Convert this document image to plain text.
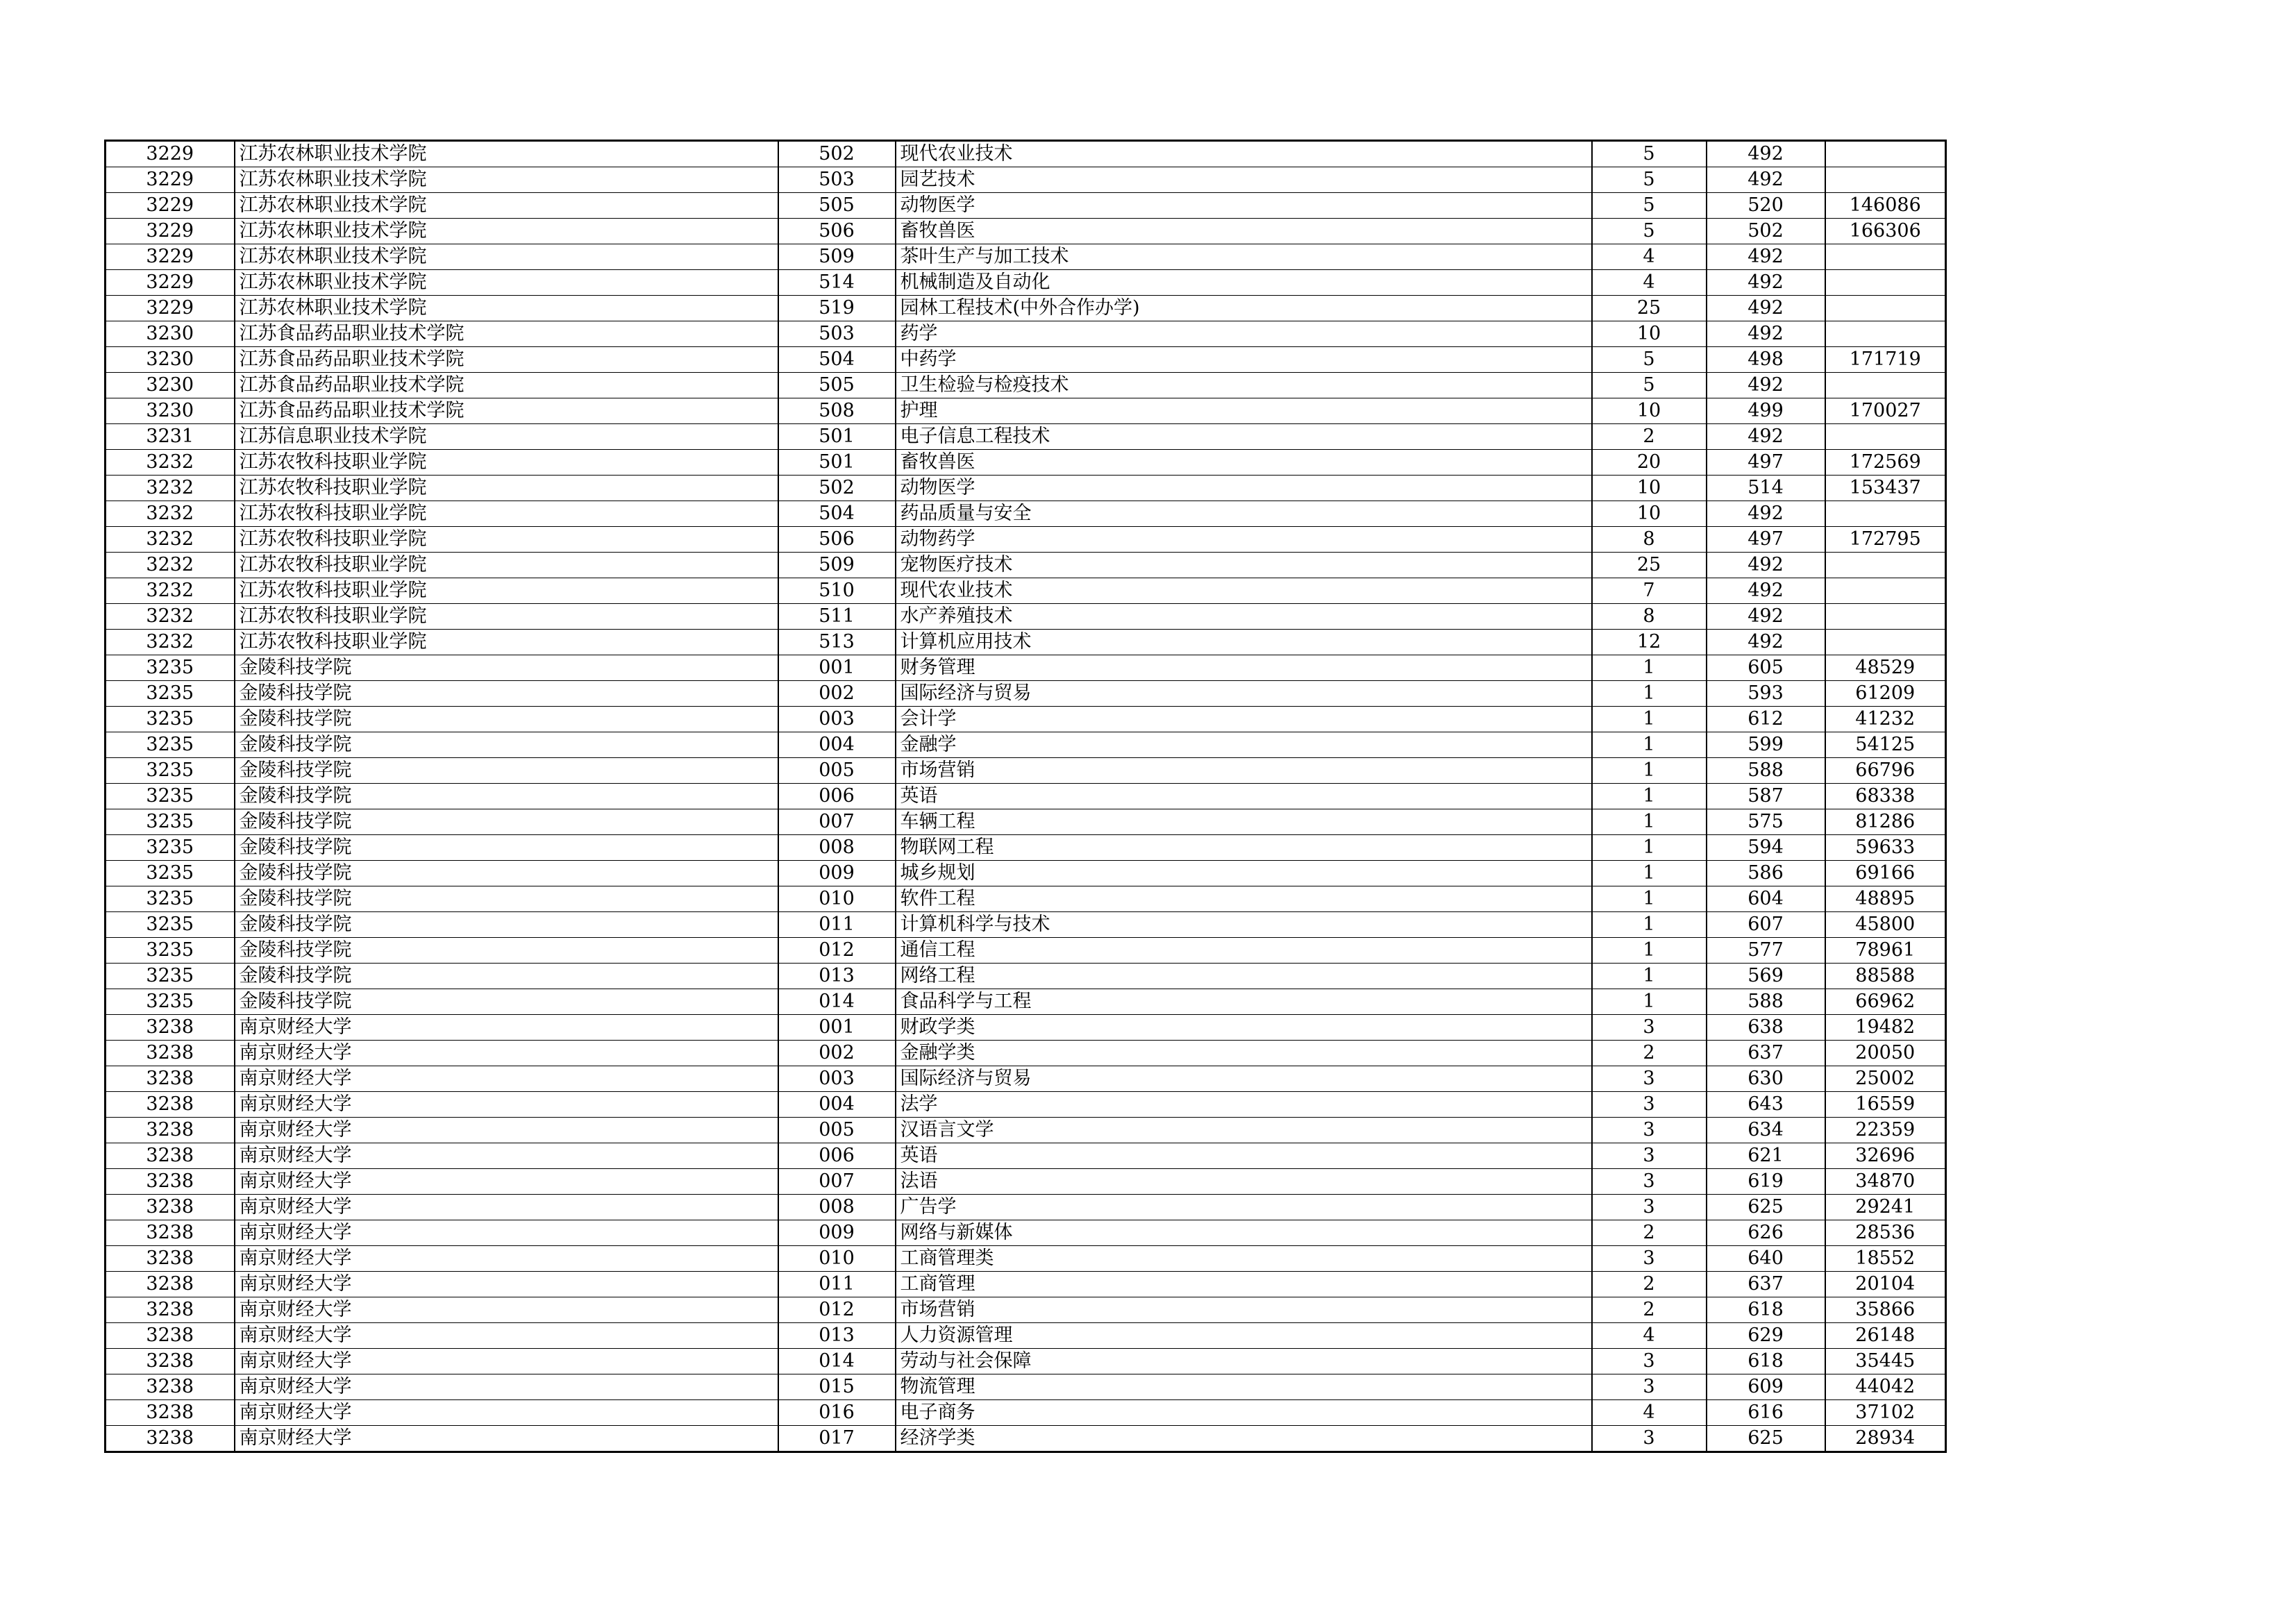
3229	江苏农林职业技术学院	502	现代农业技术	5	492	
3229	江苏农林职业技术学院	503	园艺技术	5	492	
3229	江苏农林职业技术学院	505	动物医学	5	520	146086
3229	江苏农林职业技术学院	506	畜牧兽医	5	502	166306
3229	江苏农林职业技术学院	509	茶叶生产与加工技术	4	492	
3229	江苏农林职业技术学院	514	机械制造及自动化	4	492	
3229	江苏农林职业技术学院	519	园林工程技术(中外合作办学)	25	492	
3230	江苏食品药品职业技术学院	503	药学	10	492	
3230	江苏食品药品职业技术学院	504	中药学	5	498	171719
3230	江苏食品药品职业技术学院	505	卫生检验与检疫技术	5	492	
3230	江苏食品药品职业技术学院	508	护理	10	499	170027
3231	江苏信息职业技术学院	501	电子信息工程技术	2	492	
3232	江苏农牧科技职业学院	501	畜牧兽医	20	497	172569
3232	江苏农牧科技职业学院	502	动物医学	10	514	153437
3232	江苏农牧科技职业学院	504	药品质量与安全	10	492	
3232	江苏农牧科技职业学院	506	动物药学	8	497	172795
3232	江苏农牧科技职业学院	509	宠物医疗技术	25	492	
3232	江苏农牧科技职业学院	510	现代农业技术	7	492	
3232	江苏农牧科技职业学院	511	水产养殖技术	8	492	
3232	江苏农牧科技职业学院	513	计算机应用技术	12	492	
3235	金陵科技学院	001	财务管理	1	605	48529
3235	金陵科技学院	002	国际经济与贸易	1	593	61209
3235	金陵科技学院	003	会计学	1	612	41232
3235	金陵科技学院	004	金融学	1	599	54125
3235	金陵科技学院	005	市场营销	1	588	66796
3235	金陵科技学院	006	英语	1	587	68338
3235	金陵科技学院	007	车辆工程	1	575	81286
3235	金陵科技学院	008	物联网工程	1	594	59633
3235	金陵科技学院	009	城乡规划	1	586	69166
3235	金陵科技学院	010	软件工程	1	604	48895
3235	金陵科技学院	011	计算机科学与技术	1	607	45800
3235	金陵科技学院	012	通信工程	1	577	78961
3235	金陵科技学院	013	网络工程	1	569	88588
3235	金陵科技学院	014	食品科学与工程	1	588	66962
3238	南京财经大学	001	财政学类	3	638	19482
3238	南京财经大学	002	金融学类	2	637	20050
3238	南京财经大学	003	国际经济与贸易	3	630	25002
3238	南京财经大学	004	法学	3	643	16559
3238	南京财经大学	005	汉语言文学	3	634	22359
3238	南京财经大学	006	英语	3	621	32696
3238	南京财经大学	007	法语	3	619	34870
3238	南京财经大学	008	广告学	3	625	29241
3238	南京财经大学	009	网络与新媒体	2	626	28536
3238	南京财经大学	010	工商管理类	3	640	18552
3238	南京财经大学	011	工商管理	2	637	20104
3238	南京财经大学	012	市场营销	2	618	35866
3238	南京财经大学	013	人力资源管理	4	629	26148
3238	南京财经大学	014	劳动与社会保障	3	618	35445
3238	南京财经大学	015	物流管理	3	609	44042
3238	南京财经大学	016	电子商务	4	616	37102
3238	南京财经大学	017	经济学类	3	625	28934
